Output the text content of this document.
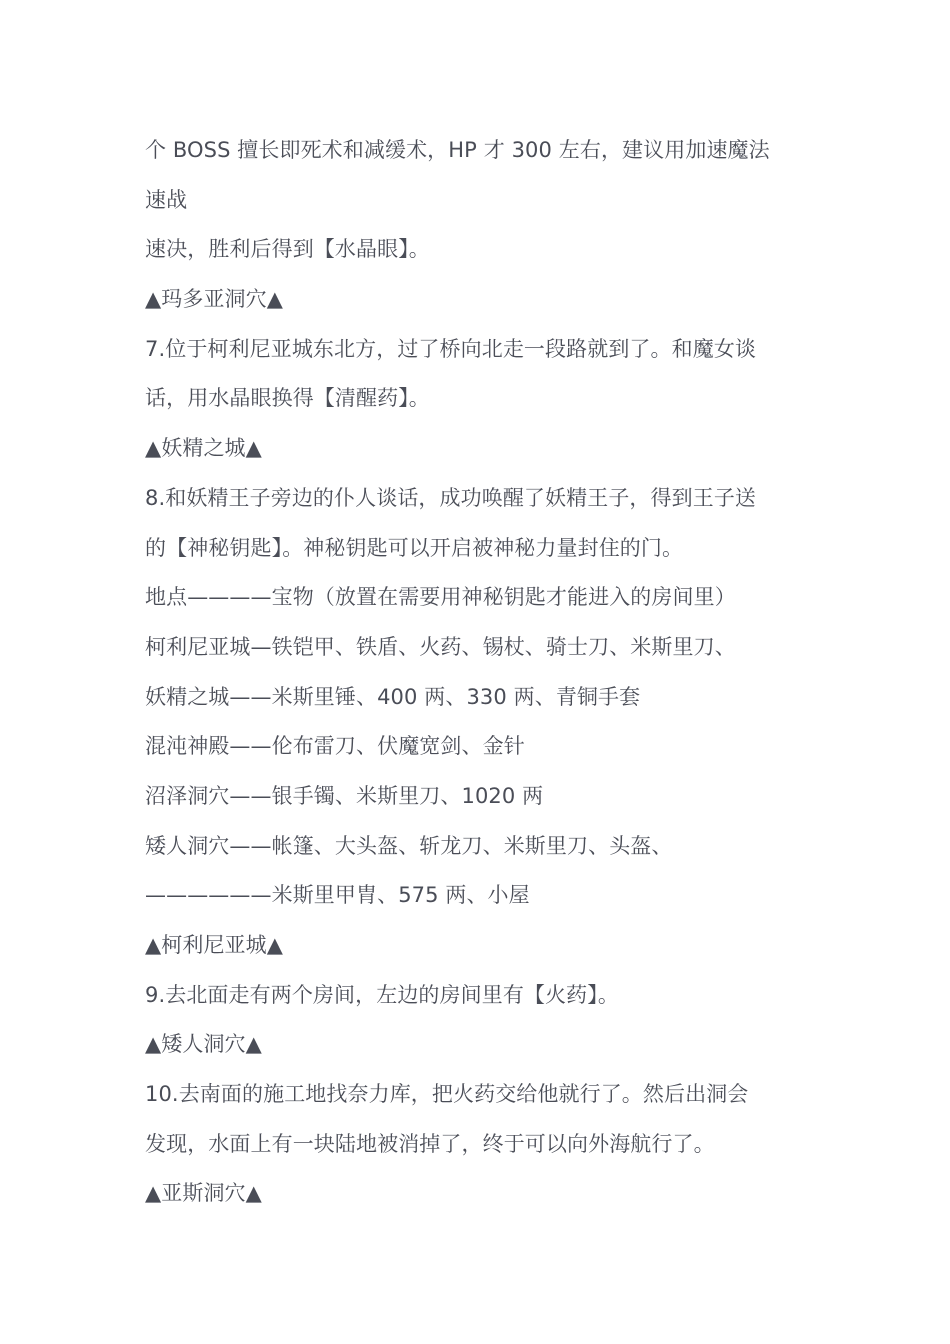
个 BOSS 擅长即死术和减缓术，HP 才 300 左右，建议用加速魔法
速战
速决，胜利后得到【水晶眼】。
▲玛多亚洞穴▲
7.位于柯利尼亚城东北方，过了桥向北走一段路就到了。和魔女谈
话，用水晶眼换得【清醒药】。
▲妖精之城▲
8.和妖精王子旁边的仆人谈话，成功唤醒了妖精王子，得到王子送
的【神秘钥匙】。神秘钥匙可以开启被神秘力量封住的门。
地点————宝物（放置在需要用神秘钥匙才能进入的房间里）
柯利尼亚城—铁铠甲、铁盾、火药、锡杖、骑士刀、米斯里刀、
妖精之城——米斯里锤、400 两、330 两、青铜手套
混沌神殿——伦布雷刀、伏魔宽剑、金针
沼泽洞穴——银手镯、米斯里刀、1020 两
矮人洞穴——帐篷、大头盔、斩龙刀、米斯里刀、头盔、
——————米斯里甲胄、575 两、小屋
▲柯利尼亚城▲
9.去北面走有两个房间，左边的房间里有【火药】。
▲矮人洞穴▲
10.去南面的施工地找奈力库，把火药交给他就行了。然后出洞会
发现，水面上有一块陆地被消掉了，终于可以向外海航行了。
▲亚斯洞穴▲
